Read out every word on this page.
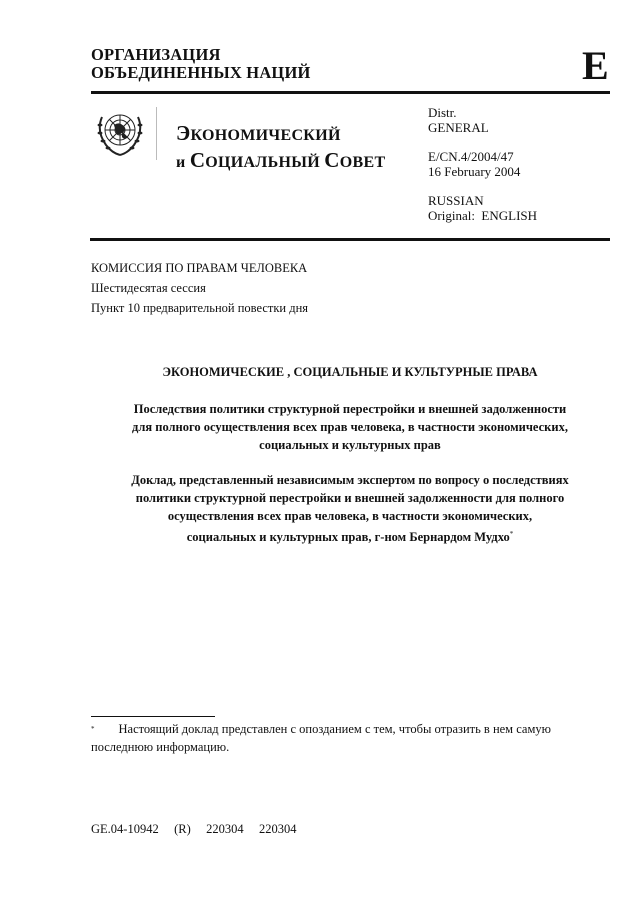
ОРГАНИЗАЦИЯ
ОБЪЕДИНЕННЫХ НАЦИЙ	E
ЭКОНОМИЧЕСКИЙ
и СОЦИАЛЬНЫЙ СОВЕТ
Distr.
GENERAL
E/CN.4/2004/47
16 February 2004
RUSSIAN
Original:  ENGLISH
КОМИССИЯ ПО ПРАВАМ ЧЕЛОВЕКА
Шестидесятая сессия
Пункт 10 предварительной повестки дня
ЭКОНОМИЧЕСКИЕ , СОЦИАЛЬНЫЕ И КУЛЬТУРНЫЕ ПРАВА
Последствия политики структурной перестройки и внешней задолженности
для полного осуществления всех прав человека, в частности экономических,
социальных и культурных прав
Доклад, представленный независимым экспертом по вопросу о последствиях
политики структурной перестройки и внешней задолженности для полного
осуществления всех прав человека, в частности экономических,
социальных и культурных прав, г-ном Бернардом Мудхо*
* Настоящий доклад представлен с опозданием с тем, чтобы отразить в нем самую последнюю информацию.
GE.04-10942   (R)   220304   220304
